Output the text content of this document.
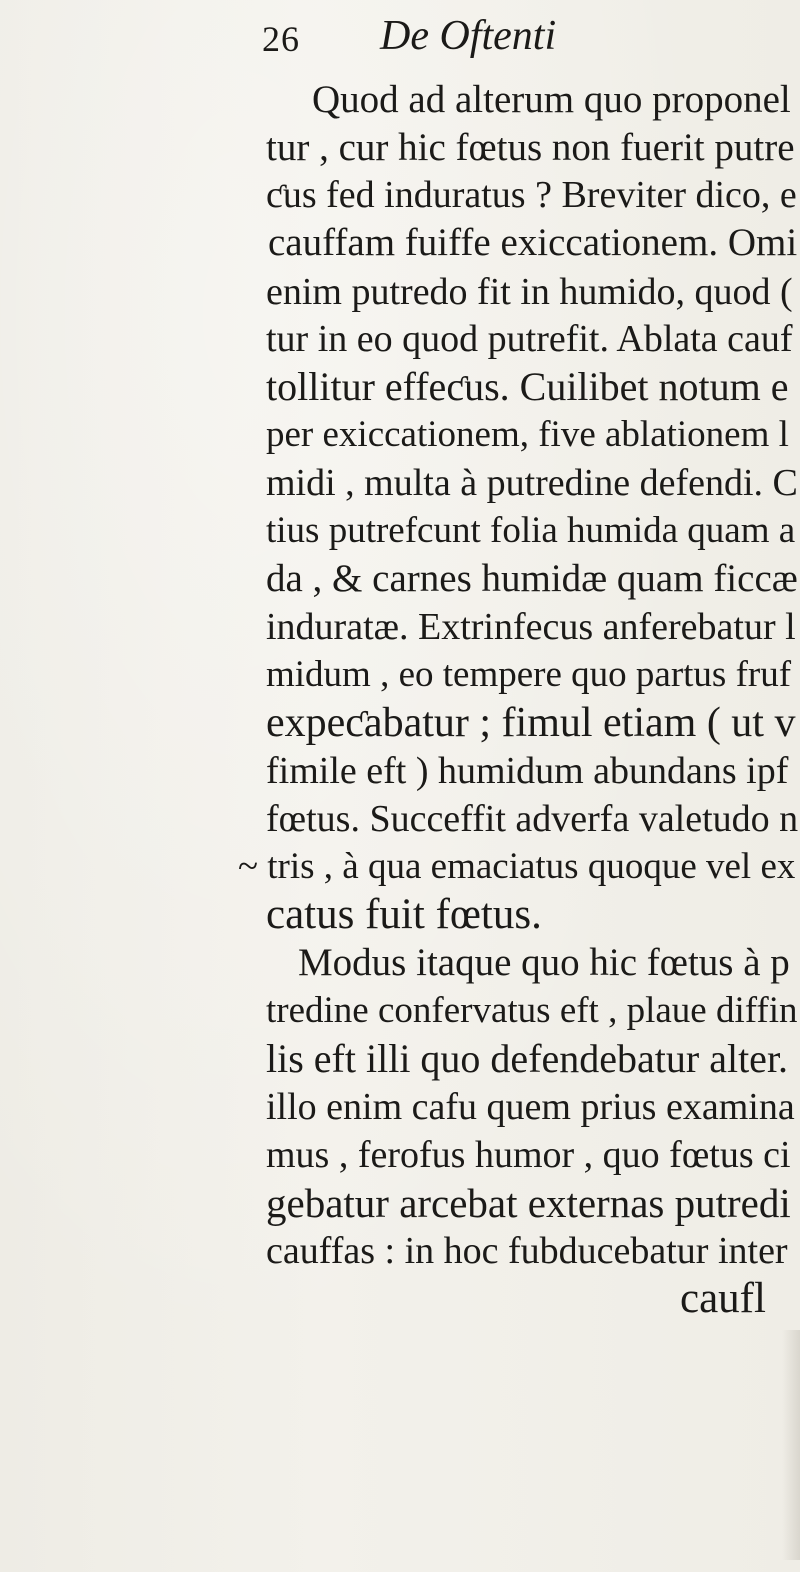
26 De Oftenti
Quod ad alterum quo proponel
tur , cur hic fœtus non fuerit putre
ƈus fed induratus ? Breviter dico, e
cauffam fuiffe exiccationem. Omi
enim putredo fit in humido, quod (
tur in eo quod putrefit. Ablata cauf
tollitur effeƈus. Cuilibet notum e
per exiccationem, five ablationem l
midi , multa à putredine defendi. C
tius putrefcunt folia humida quam a
da , & carnes humidæ quam ficcæ
induratæ. Extrinfecus anferebatur l
midum , eo tempere quo partus fruf
expeƈabatur ; fimul etiam ( ut v
fimile eft ) humidum abundans ipf
fœtus. Succeffit adverfa valetudo n
~ tris , à qua emaciatus quoque vel ex
catus fuit fœtus.
Modus itaque quo hic fœtus à p
tredine confervatus eft , plaue diffin
lis eft illi quo defendebatur alter.
illo enim cafu quem prius examina
mus , ferofus humor , quo fœtus ci
gebatur arcebat externas putredi
cauffas : in hoc fubducebatur inter
caufl
